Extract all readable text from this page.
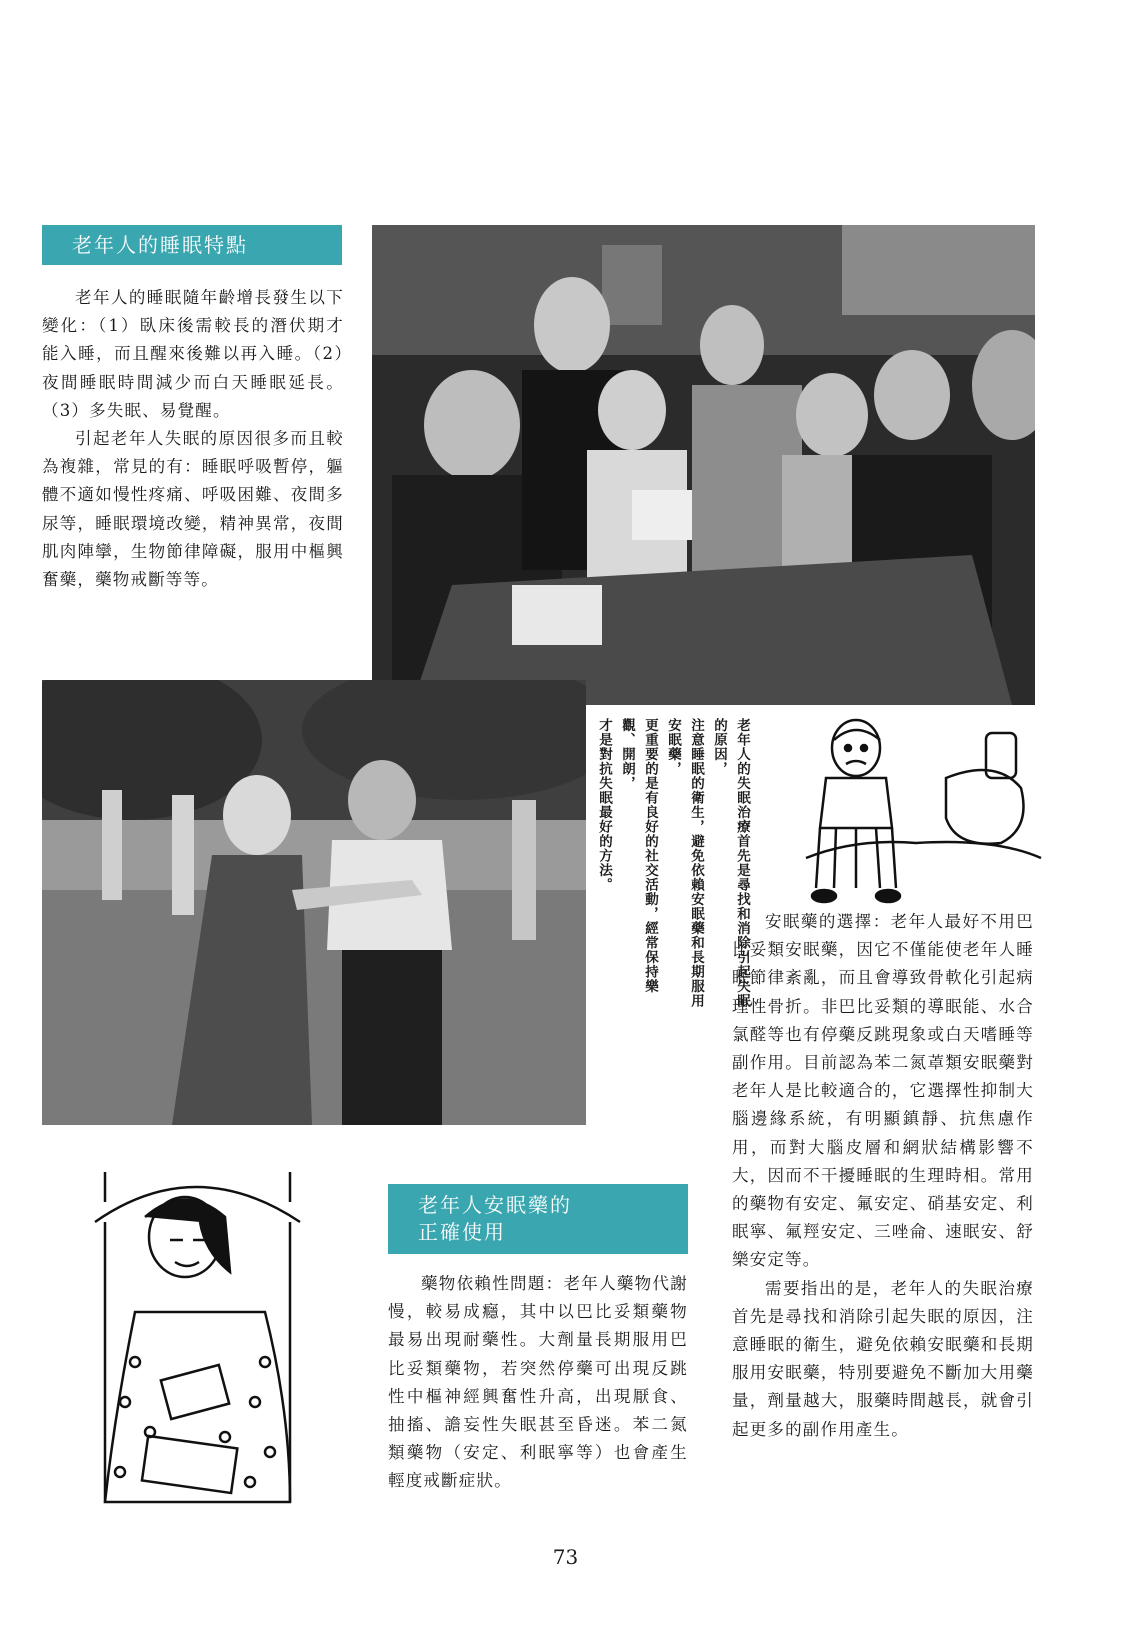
老年人的睡眠特點

老年人的睡眠隨年齡增長發生以下變化：（1）臥床後需較長的潛伏期才能入睡，而且醒來後難以再入睡。（2）夜間睡眠時間減少而白天睡眠延長。（3）多失眠、易覺醒。

引起老年人失眠的原因很多而且較為複雜，常見的有：睡眠呼吸暫停，軀體不適如慢性疼痛、呼吸困難、夜間多尿等，睡眠環境改變，精神異常，夜間肌肉陣攣，生物節律障礙，服用中樞興奮藥，藥物戒斷等等。

老年人的失眠治療首先是尋找和消除引起失眠的原因，
注意睡眠的衛生，避免依賴安眠藥和長期服用安眠藥，
更重要的是有良好的社交活動，經常保持樂觀、開朗，
才是對抗失眠最好的方法。
老年人安眠藥的
正確使用

藥物依賴性問題：老年人藥物代謝慢，較易成癮，其中以巴比妥類藥物最易出現耐藥性。大劑量長期服用巴比妥類藥物，若突然停藥可出現反跳性中樞神經興奮性升高，出現厭食、抽搐、譫妄性失眠甚至昏迷。苯二氮類藥物（安定、利眠寧等）也會產生輕度戒斷症狀。

安眠藥的選擇：老年人最好不用巴比妥類安眠藥，因它不僅能使老年人睡眠節律紊亂，而且會導致骨軟化引起病理性骨折。非巴比妥類的導眠能、水合氯醛等也有停藥反跳現象或白天嗜睡等副作用。目前認為苯二氮䓬類安眠藥對老年人是比較適合的，它選擇性抑制大腦邊緣系統，有明顯鎮靜、抗焦慮作用，而對大腦皮層和網狀結構影響不大，因而不干擾睡眠的生理時相。常用的藥物有安定、氟安定、硝基安定、利眠寧、氟羥安定、三唑侖、速眠安、舒樂安定等。

需要指出的是，老年人的失眠治療首先是尋找和消除引起失眠的原因，注意睡眠的衛生，避免依賴安眠藥和長期服用安眠藥，特別要避免不斷加大用藥量，劑量越大，服藥時間越長，就會引起更多的副作用產生。

73
